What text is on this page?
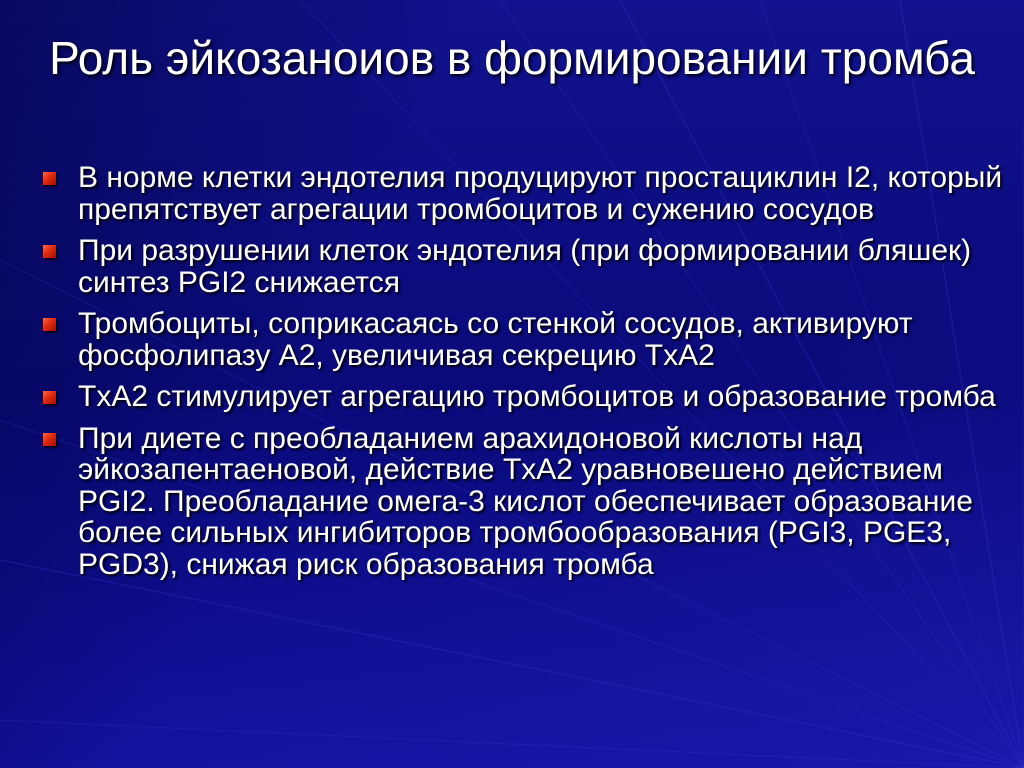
Роль эйкозаноиов в формировании тромба
В норме клетки эндотелия продуцируют простациклин I2, который препятствует агрегации тромбоцитов и сужению сосудов
При разрушении клеток эндотелия (при формировании бляшек) синтез PGI2 снижается
Тромбоциты, соприкасаясь со стенкой сосудов, активируют фосфолипазу А2, увеличивая секрецию TxA2
TxA2 стимулирует агрегацию тромбоцитов и образование тромба
При диете с преобладанием арахидоновой кислоты над эйкозапентаеновой, действие TxA2 уравновешено действием PGI2. Преобладание омега-3 кислот обеспечивает образование более сильных ингибиторов тромбообразования (PGI3, PGE3, PGD3), снижая риск образования тромба
